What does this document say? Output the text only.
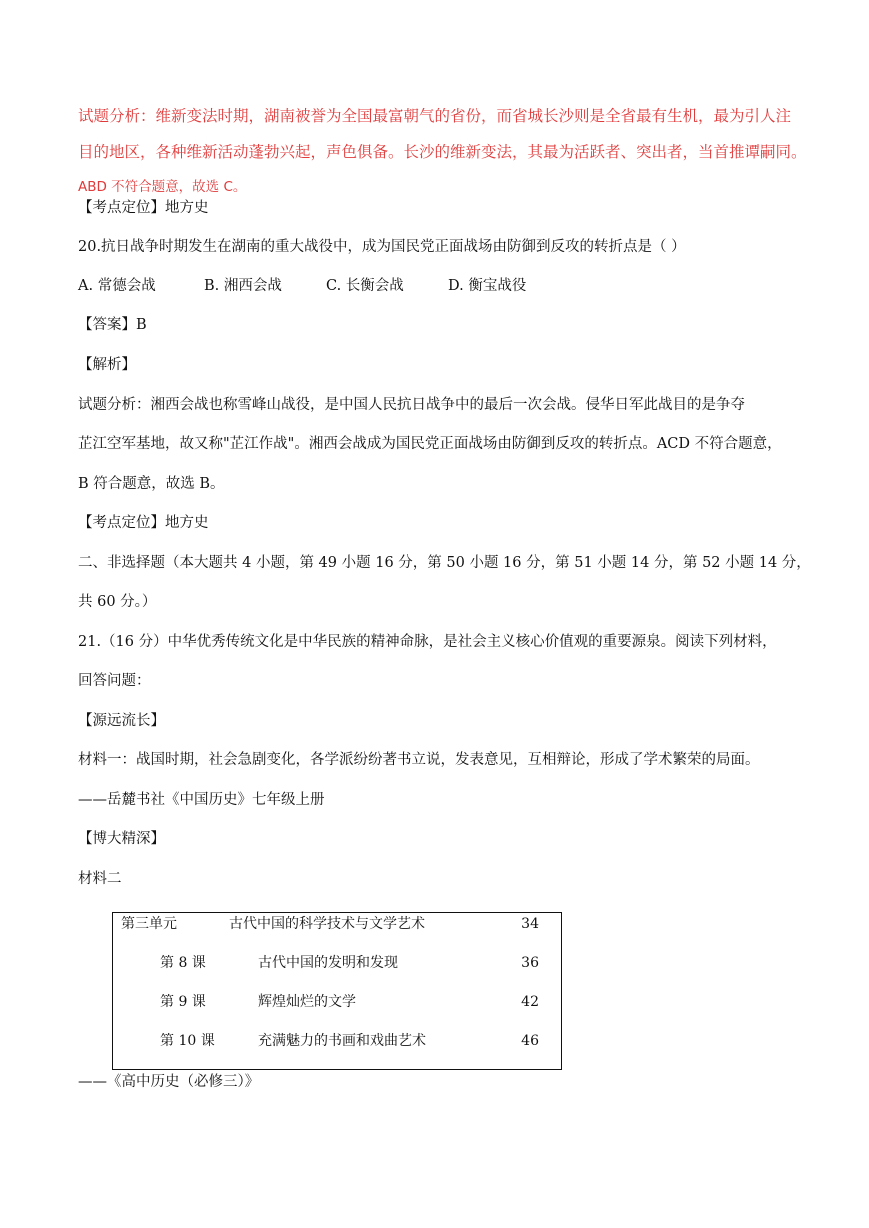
试题分析：维新变法时期，湖南被誉为全国最富朝气的省份，而省城长沙则是全省最有生机，最为引人注
目的地区，各种维新活动蓬勃兴起，声色俱备。长沙的维新变法，其最为活跃者、突出者，当首推谭嗣同。
ABD 不符合题意，故选 C。
【考点定位】地方史
20.抗日战争时期发生在湖南的重大战役中，成为国民党正面战场由防御到反攻的转折点是（ ）
A. 常德会战	B. 湘西会战	C. 长衡会战	D. 衡宝战役
【答案】B
【解析】
试题分析：湘西会战也称雪峰山战役，是中国人民抗日战争中的最后一次会战。侵华日军此战目的是争夺
芷江空军基地，故又称"芷江作战"。湘西会战成为国民党正面战场由防御到反攻的转折点。ACD 不符合题意，
B 符合题意，故选 B。
【考点定位】地方史
二、非选择题（本大题共 4 小题，第 49 小题 16 分，第 50 小题 16 分，第 51 小题 14 分，第 52 小题 14 分，
共 60 分。）
21.（16 分）中华优秀传统文化是中华民族的精神命脉，是社会主义核心价值观的重要源泉。阅读下列材料，
回答问题：
【源远流长】
材料一：战国时期，社会急剧变化，各学派纷纷著书立说，发表意见，互相辩论，形成了学术繁荣的局面。
——岳麓书社《中国历史》七年级上册
【博大精深】
材料二
第三单元	古代中国的科学技术与文学艺术	34
第 8 课	古代中国的发明和发现	36
第 9 课	辉煌灿烂的文学	42
第 10 课	充满魅力的书画和戏曲艺术	46
——《高中历史（必修三）》
